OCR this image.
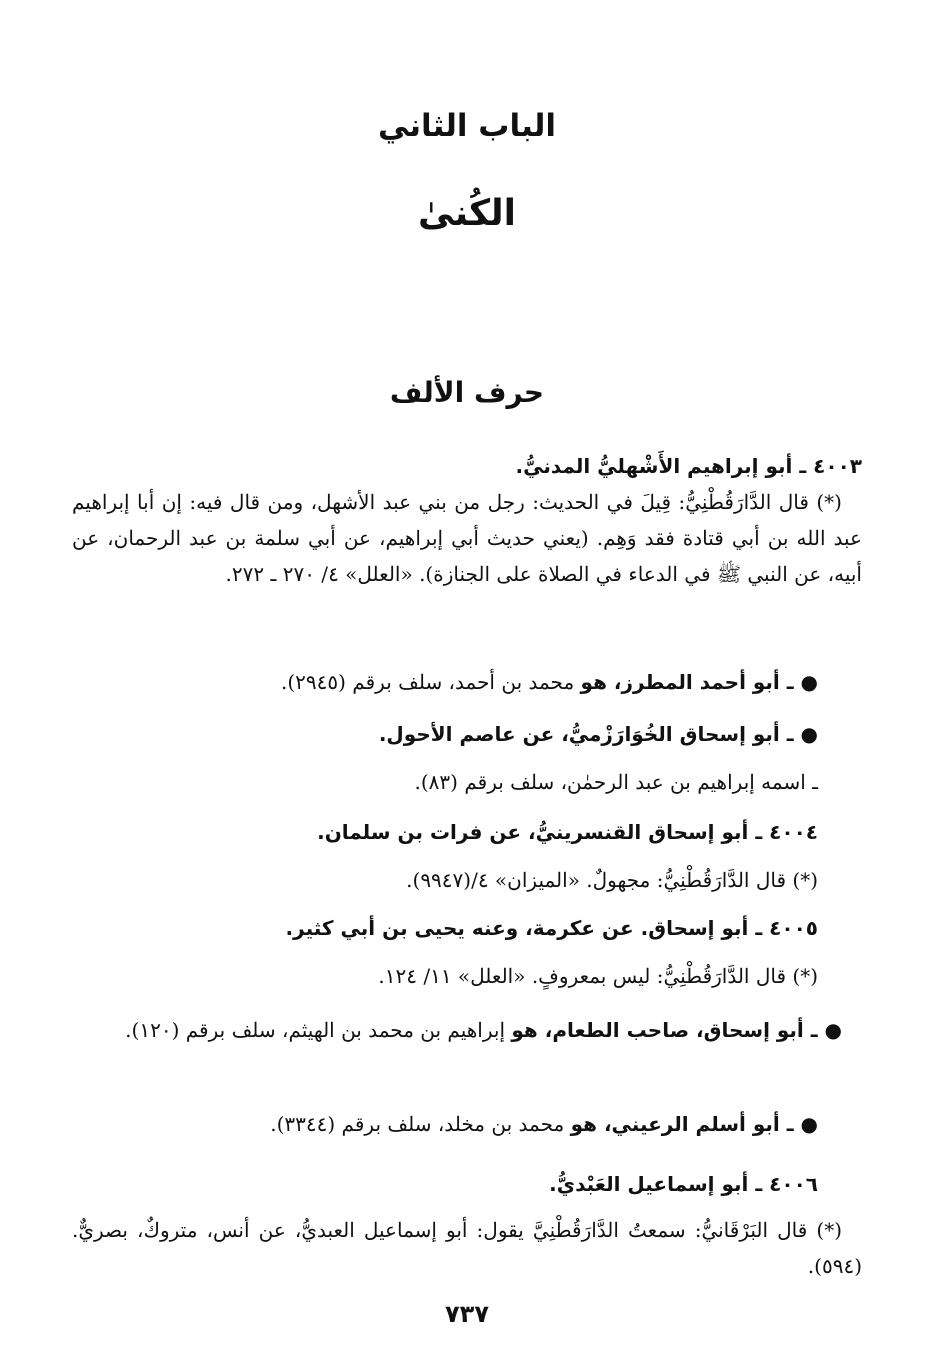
الباب الثاني
الكُنىٰ
حرف الألف
٤٠٠٣ ـ أبو إبراهيم الأَشْهليُّ المدنيُّ.
(*) قال الدَّارَقُطْنِيُّ: قِيلَ في الحديث: رجل من بني عبد الأشهل، ومن قال فيه: إن أبا إبراهيم عبد الله بن أبي قتادة فقد وَهِم. (يعني حديث أبي إبراهيم، عن أبي سلمة بن عبد الرحمان، عن أبيه، عن النبي ﷺ في الدعاء في الصلاة على الجنازة). «العلل» ٤/ ٢٧٠ ـ ٢٧٢.
● ـ أبو أحمد المطرز، هو محمد بن أحمد، سلف برقم (٢٩٤٥).
● ـ أبو إسحاق الخُوَارَزْميُّ، عن عاصم الأحول.
ـ اسمه إبراهيم بن عبد الرحمٰن، سلف برقم (٨٣).
٤٠٠٤ ـ أبو إسحاق القنسرينيُّ، عن فرات بن سلمان.
(*) قال الدَّارَقُطْنِيُّ: مجهولٌ. «الميزان» ٤/(٩٩٤٧).
٤٠٠٥ ـ أبو إسحاق. عن عكرمة، وعنه يحيى بن أبي كثير.
(*) قال الدَّارَقُطْنِيُّ: ليس بمعروفٍ. «العلل» ١١/ ١٢٤.
● ـ أبو إسحاق، صاحب الطعام، هو إبراهيم بن محمد بن الهيثم، سلف برقم (١٢٠).
● ـ أبو أسلم الرعيني، هو محمد بن مخلد، سلف برقم (٣٣٤٤).
٤٠٠٦ ـ أبو إسماعيل العَبْديُّ.
(*) قال البَرْقَانيُّ: سمعتُ الدَّارَقُطْنِيَّ يقول: أبو إسماعيل العبديُّ، عن أنس، متروكٌ، بصريٌّ. (٥٩٤).
٧٣٧
